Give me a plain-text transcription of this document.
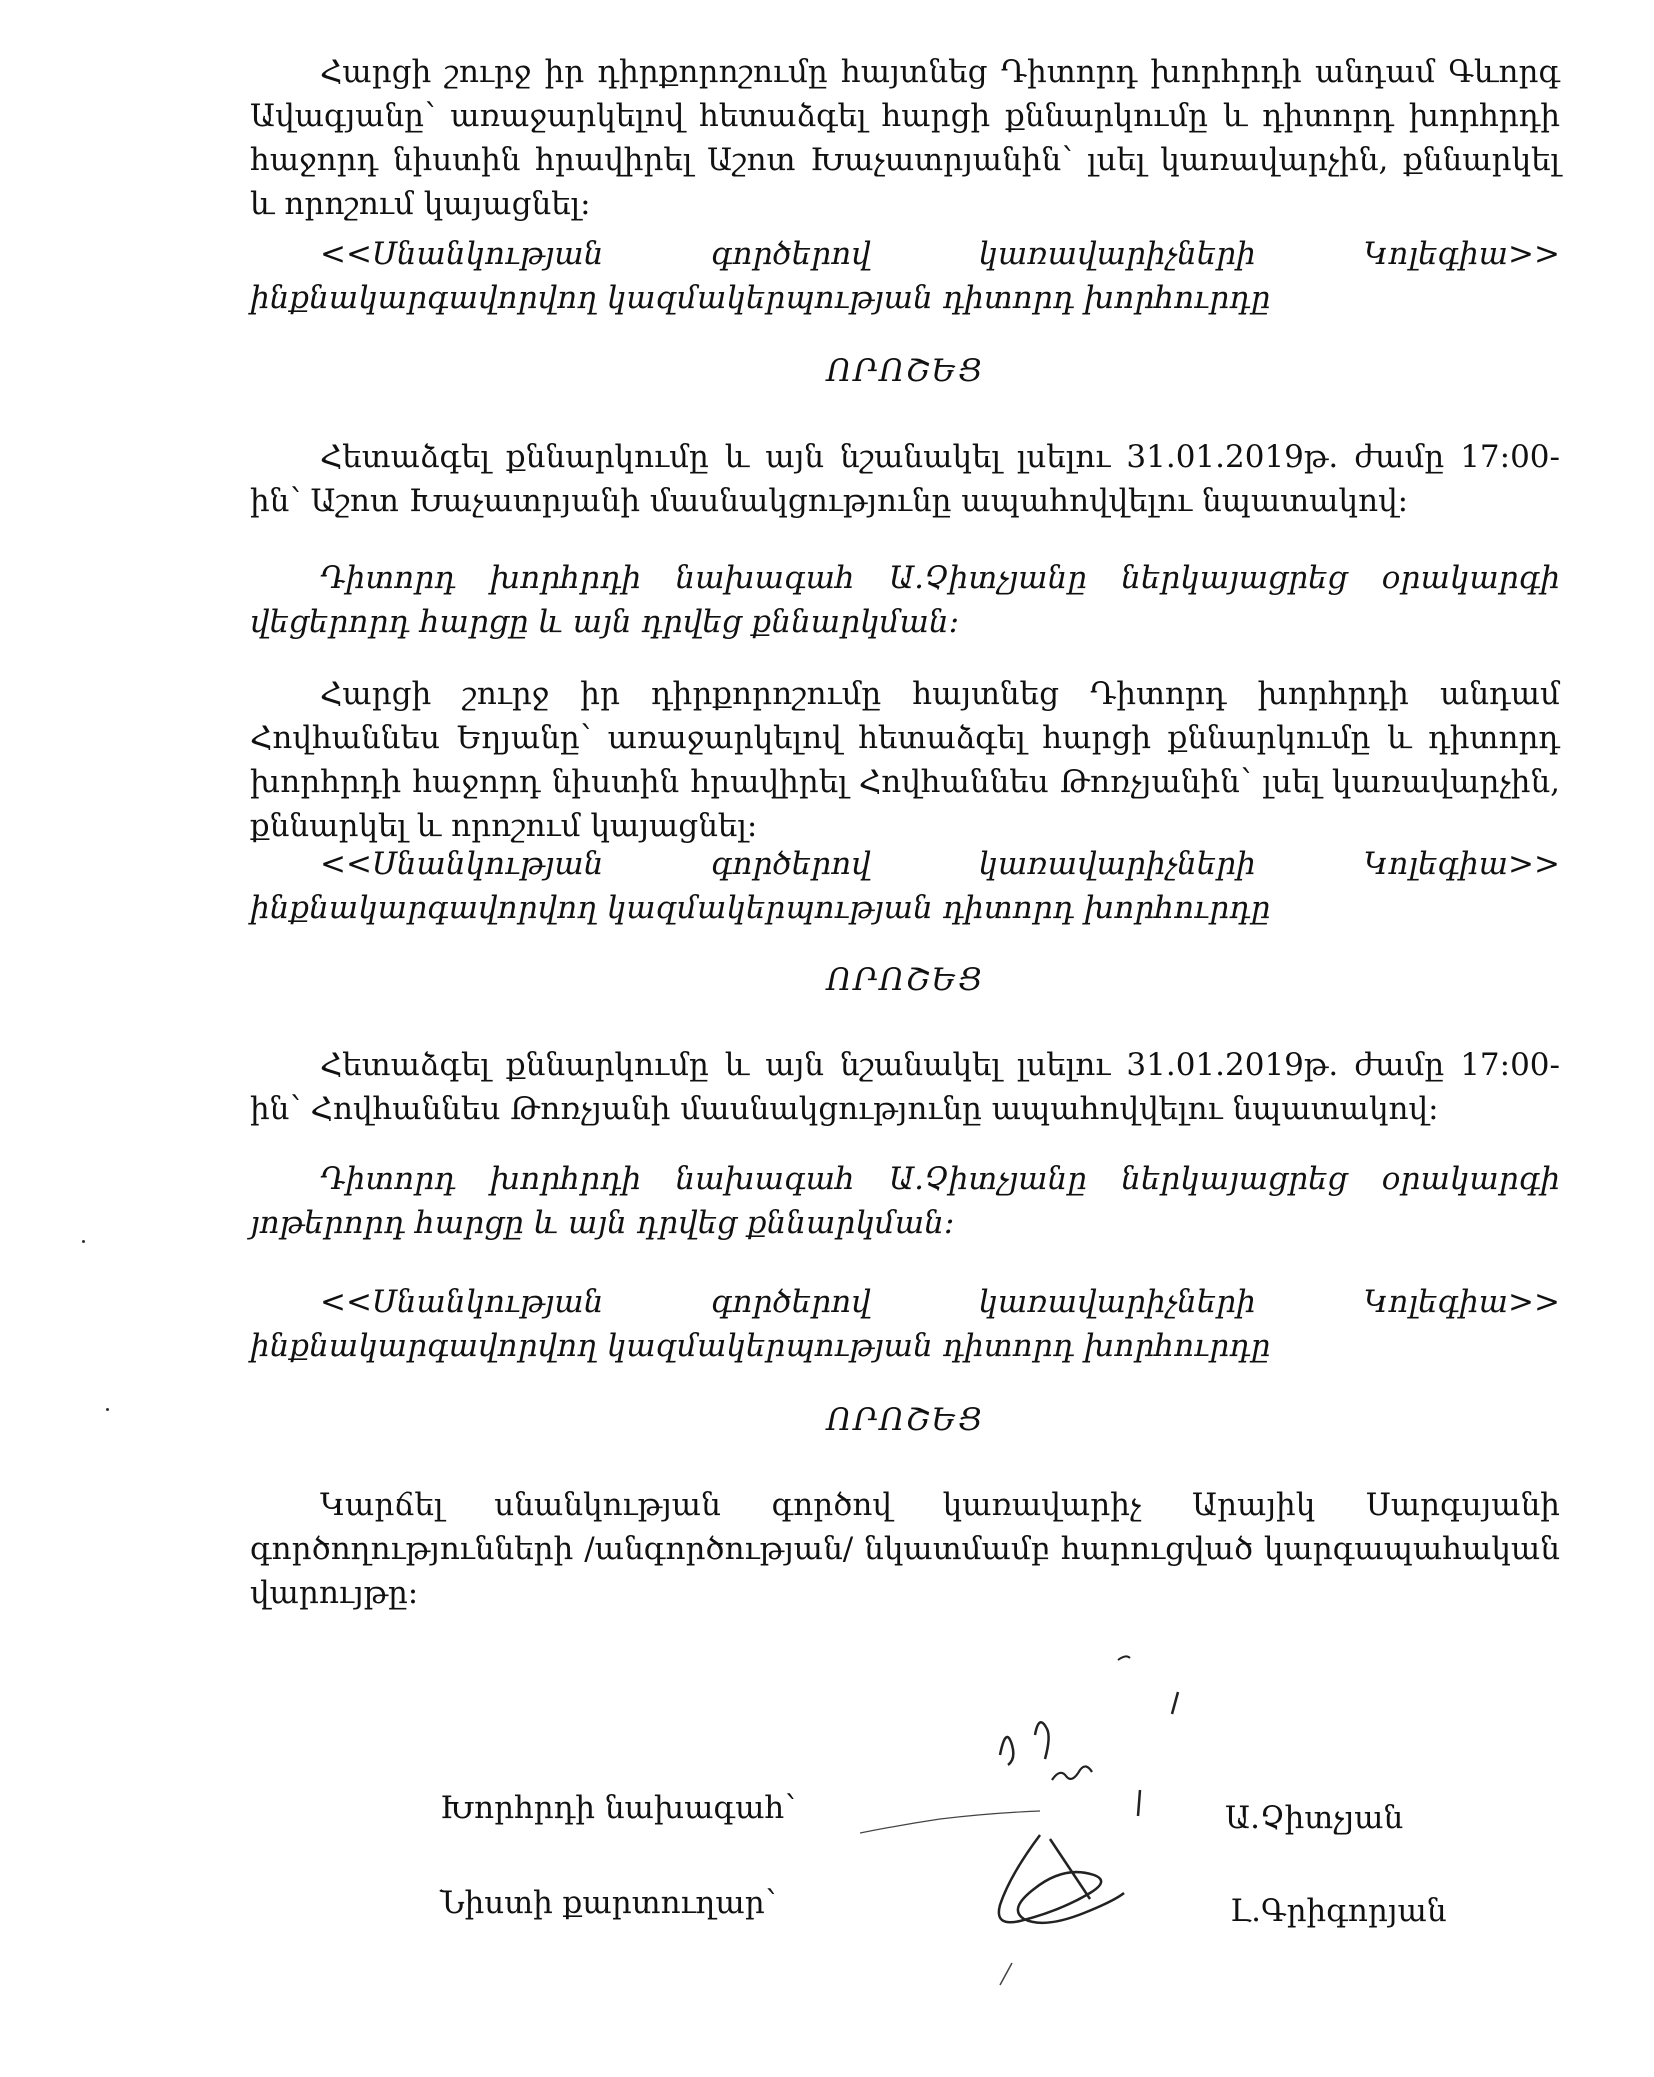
Հարցի շուրջ իր դիրքորոշումը հայտնեց Դիտորդ խորհրդի անդամ Գևորգ Ավագյանը՝ առաջարկելով հետաձգել հարցի քննարկումը և դիտորդ խորհրդի հաջորդ նիստին հրավիրել Աշոտ Խաչատրյանին՝ լսել կառավարչին, քննարկել և որոշում կայացնել:

<<Սնանկության գործերով կառավարիչների Կոլեգիա>> ինքնակարգավորվող կազմակերպության դիտորդ խորհուրդը

ՈՐՈՇԵՑ

Հետաձգել քննարկումը և այն նշանակել լսելու 31.01.2019թ. ժամը 17:00-ին՝ Աշոտ Խաչատրյանի մասնակցությունը ապահովվելու նպատակով:

Դիտորդ խորհրդի նախագահ Ա.Չիտչյանը ներկայացրեց օրակարգի վեցերորդ հարցը և այն դրվեց քննարկման:

Հարցի շուրջ իր դիրքորոշումը հայտնեց Դիտորդ խորհրդի անդամ Հովհաննես Եղյանը՝ առաջարկելով հետաձգել հարցի քննարկումը և դիտորդ խորհրդի հաջորդ նիստին հրավիրել Հովհաննես Թոռչյանին՝ լսել կառավարչին, քննարկել և որոշում կայացնել:

<<Սնանկության գործերով կառավարիչների Կոլեգիա>> ինքնակարգավորվող կազմակերպության դիտորդ խորհուրդը

ՈՐՈՇԵՑ

Հետաձգել քննարկումը և այն նշանակել լսելու 31.01.2019թ. ժամը 17:00-ին՝ Հովհաննես Թոռչյանի մասնակցությունը ապահովվելու նպատակով:

Դիտորդ խորհրդի նախագահ Ա.Չիտչյանը ներկայացրեց օրակարգի յոթերորդ հարցը և այն դրվեց քննարկման:

<<Սնանկության գործերով կառավարիչների Կոլեգիա>> ինքնակարգավորվող կազմակերպության դիտորդ խորհուրդը

ՈՐՈՇԵՑ

Կարճել սնանկության գործով կառավարիչ Արայիկ Սարգսյանի գործողությունների /անգործության/ նկատմամբ հարուցված կարգապահական վարույթը:

Խորհրդի նախագահ՝	Ա.Չիտչյան

Նիստի քարտուղար՝	Լ.Գրիգորյան
